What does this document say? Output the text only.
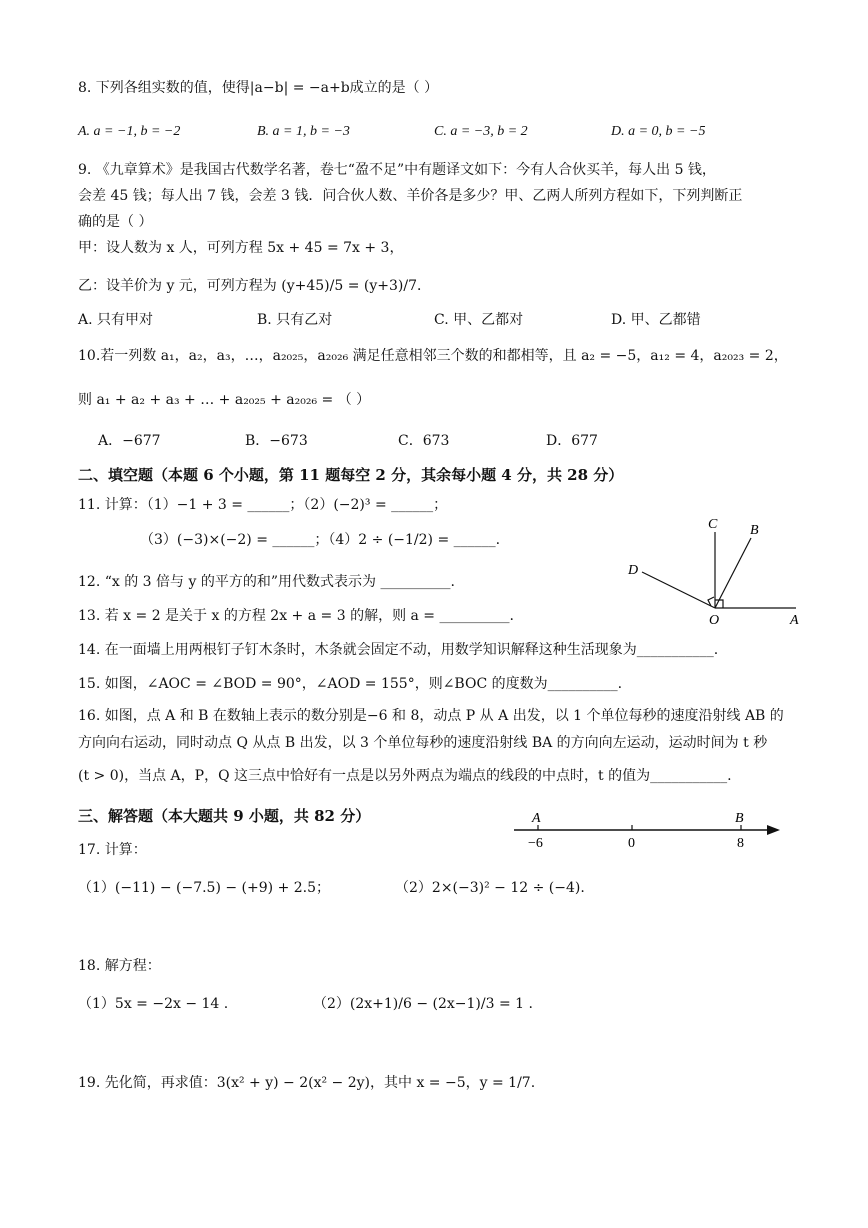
8. 下列各组实数的值，使得|a−b| = −a+b成立的是（ ）
A. a = −1, b = −2	B. a = 1, b = −3	C. a = −3, b = 2	D. a = 0, b = −5
9. 《九章算术》是我国古代数学名著，卷七“盈不足”中有题译文如下：今有人合伙买羊，每人出 5 钱，
会差 45 钱；每人出 7 钱，会差 3 钱．问合伙人数、羊价各是多少？甲、乙两人所列方程如下，下列判断正
确的是（ ）
甲：设人数为 x 人，可列方程 5x + 45 = 7x + 3，
乙：设羊价为 y 元，可列方程为 (y+45)/5 = (y+3)/7．
A. 只有甲对	B. 只有乙对	C. 甲、乙都对	D. 甲、乙都错
10.若一列数 a₁，a₂，a₃，…，a₂₀₂₅，a₂₀₂₆ 满足任意相邻三个数的和都相等，且 a₂ = −5，a₁₂ = 4，a₂₀₂₃ = 2，
则 a₁ + a₂ + a₃ + … + a₂₀₂₅ + a₂₀₂₆ = （ ）
A．−677	B．−673	C．673	D．677
二、填空题（本题 6 个小题，第 11 题每空 2 分，其余每小题 4 分，共 28 分）
11. 计算：（1）−1 + 3 = ______；（2）(−2)³ = ______；
（3）(−3)×(−2) = ______；（4）2 ÷ (−1/2) = ______.
12. “x 的 3 倍与 y 的平方的和”用代数式表示为 __________.
13. 若 x = 2 是关于 x 的方程 2x + a = 3 的解，则 a = __________.
14. 在一面墙上用两根钉子钉木条时，木条就会固定不动，用数学知识解释这种生活现象为___________.
15. 如图，∠AOC = ∠BOD = 90°，∠AOD = 155°，则∠BOC 的度数为__________.
16. 如图，点 A 和 B 在数轴上表示的数分别是−6 和 8，动点 P 从 A 出发，以 1 个单位每秒的速度沿射线 AB 的
方向向右运动，同时动点 Q 从点 B 出发，以 3 个单位每秒的速度沿射线 BA 的方向向左运动，运动时间为 t 秒
(t > 0)，当点 A，P，Q 这三点中恰好有一点是以另外两点为端点的线段的中点时，t 的值为___________.
C B
D
O	A
三、解答题（本大题共 9 小题，共 82 分）	A	B
−6	0	8
17. 计算：
（1）(−11) − (−7.5) − (+9) + 2.5；	（2）2×(−3)² − 12 ÷ (−4).
18. 解方程：
（1）5x = −2x − 14 .	（2）(2x+1)/6 − (2x−1)/3 = 1 .
19. 先化简，再求值：3(x² + y) − 2(x² − 2y)，其中 x = −5，y = 1/7.
